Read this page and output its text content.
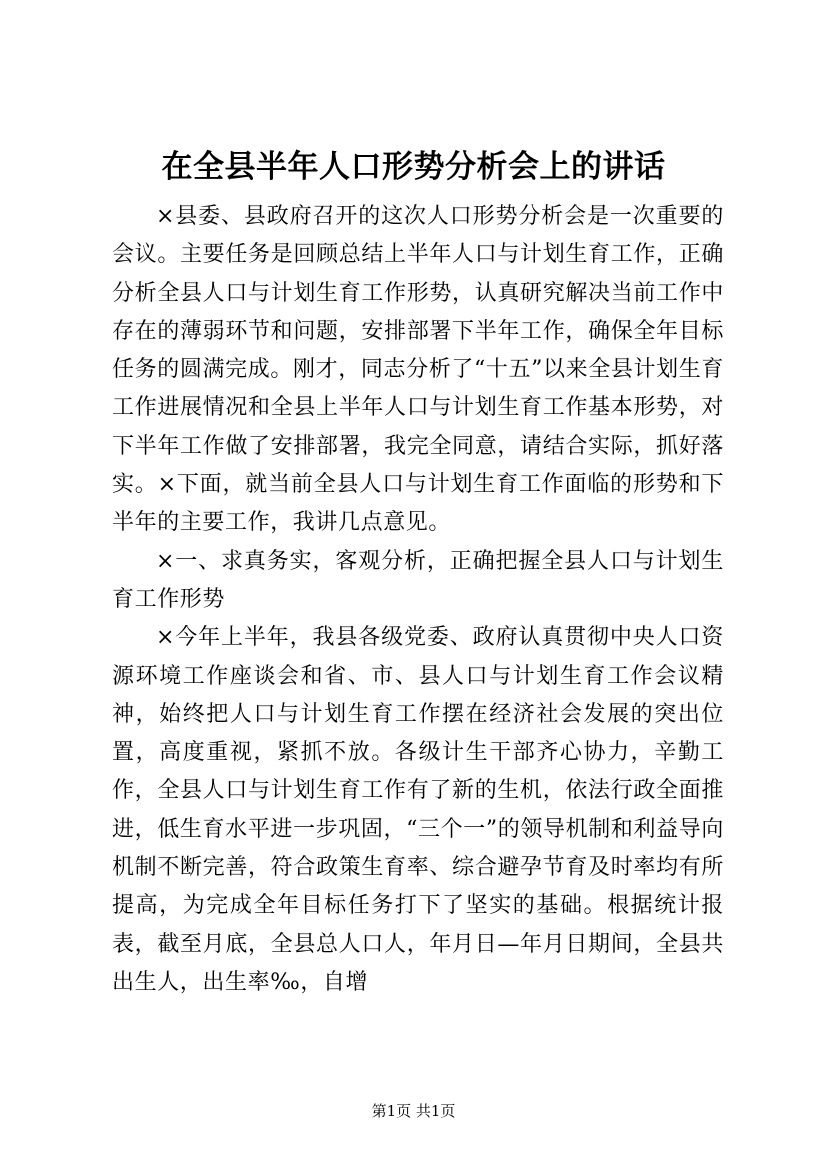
在全县半年人口形势分析会上的讲话

×县委、县政府召开的这次人口形势分析会是一次重要的会议。主要任务是回顾总结上半年人口与计划生育工作，正确分析全县人口与计划生育工作形势，认真研究解决当前工作中存在的薄弱环节和问题，安排部署下半年工作，确保全年目标任务的圆满完成。刚才，同志分析了“十五”以来全县计划生育工作进展情况和全县上半年人口与计划生育工作基本形势，对下半年工作做了安排部署，我完全同意，请结合实际，抓好落实。×下面，就当前全县人口与计划生育工作面临的形势和下半年的主要工作，我讲几点意见。

×一、求真务实，客观分析，正确把握全县人口与计划生育工作形势

×今年上半年，我县各级党委、政府认真贯彻中央人口资源环境工作座谈会和省、市、县人口与计划生育工作会议精神，始终把人口与计划生育工作摆在经济社会发展的突出位置，高度重视，紧抓不放。各级计生干部齐心协力，辛勤工作，全县人口与计划生育工作有了新的生机，依法行政全面推进，低生育水平进一步巩固，“三个一”的领导机制和利益导向机制不断完善，符合政策生育率、综合避孕节育及时率均有所提高，为完成全年目标任务打下了坚实的基础。根据统计报表，截至月底，全县总人口人，年月日—年月日期间，全县共出生人，出生率‰，自增

第1页 共1页
